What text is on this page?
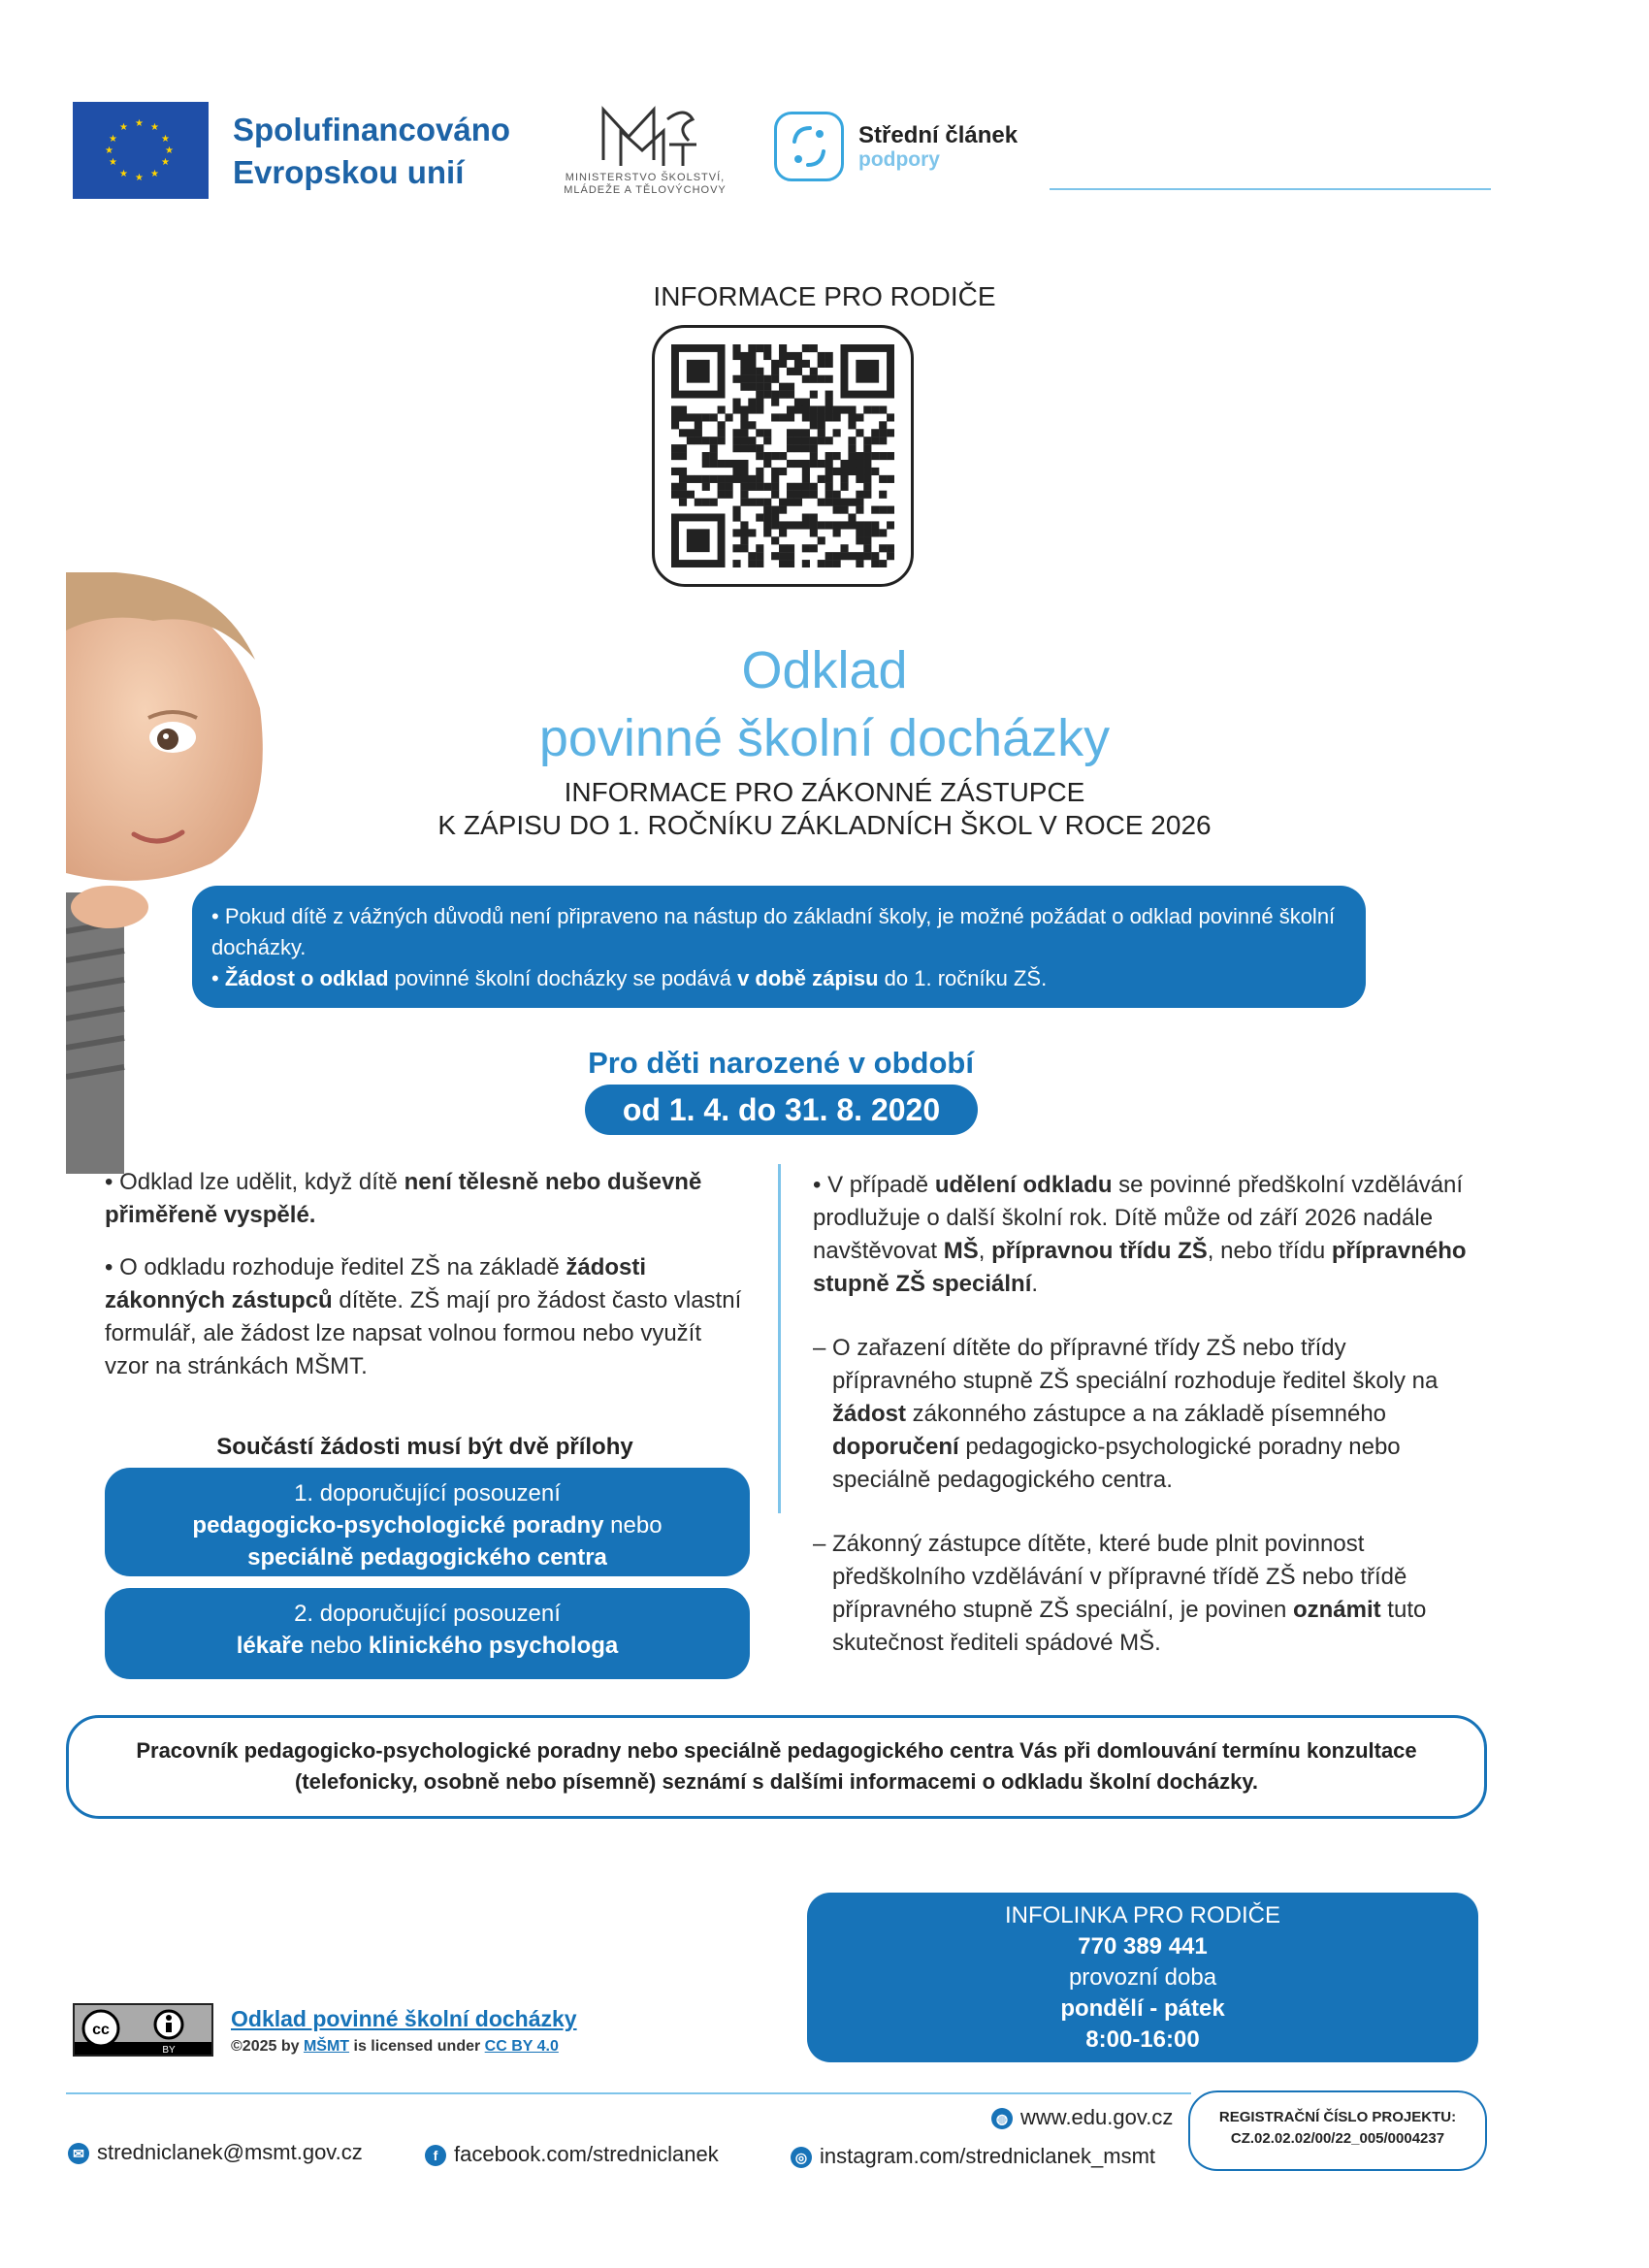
★ ★
★
★
★
★
★
★
★
★
★
★	Spolufinancováno
Evropskou unií	MINISTERSTVO ŠKOLSTVÍ,
MLÁDEŽE A TĚLOVÝCHOVY
Střední článek
podpory
INFORMACE PRO RODIČE
Odklad
povinné školní docházky
INFORMACE PRO ZÁKONNÉ ZÁSTUPCE
K ZÁPISU DO 1. ROČNÍKU ZÁKLADNÍCH ŠKOL V ROCE 2026
• Pokud dítě z vážných důvodů není připraveno na nástup do základní školy, je možné požádat o odklad povinné školní docházky.
• Žádost o odklad povinné školní docházky se podává v době zápisu do 1. ročníku ZŠ.
Pro děti narozené v období
od 1. 4. do 31. 8. 2020

• Odklad lze udělit, když dítě není tělesně nebo duševně přiměřeně vyspělé.

• O odkladu rozhoduje ředitel ZŠ na základě žádosti zákonných zástupců dítěte. ZŠ mají pro žádost často vlastní formulář, ale žádost lze napsat volnou formou nebo využít vzor na stránkách MŠMT.

Součástí žádosti musí být dvě přílohy
1. doporučující posouzení
pedagogicko-psychologické poradny nebo
speciálně pedagogického centra
2. doporučující posouzení
lékaře nebo klinického psychologa

• V případě udělení odkladu se povinné předškolní vzdělávání prodlužuje o další školní rok. Dítě může od září 2026 nadále navštěvovat MŠ, přípravnou třídu ZŠ, nebo třídu přípravného stupně ZŠ speciální.

– O zařazení dítěte do přípravné třídy ZŠ nebo třídy přípravného stupně ZŠ speciální rozhoduje ředitel školy na žádost zákonného zástupce a na základě písemného doporučení pedagogicko-psychologické poradny nebo speciálně pedagogického centra.

– Zákonný zástupce dítěte, které bude plnit povinnost předškolního vzdělávání v přípravné třídě ZŠ nebo třídě přípravného stupně ZŠ speciální, je povinen oznámit tuto skutečnost řediteli spádové MŠ.

Pracovník pedagogicko-psychologické poradny nebo speciálně pedagogického centra Vás při domlouvání termínu konzultace
(telefonicky, osobně nebo písemně) seznámí s dalšími informacemi o odkladu školní docházky.
INFOLINKA PRO RODIČE
770 389 441
provozní doba
pondělí - pátek
8:00-16:00
cc
BY
Odklad povinné školní docházky
©2025 by MŠMT is licensed under CC BY 4.0
◍ www.edu.gov.cz
✉ stredniclanek@msmt.gov.cz	f facebook.com/stredniclanek	◎ instagram.com/stredniclanek_msmt
REGISTRAČNÍ ČÍSLO PROJEKTU:
CZ.02.02.02/00/22_005/0004237
